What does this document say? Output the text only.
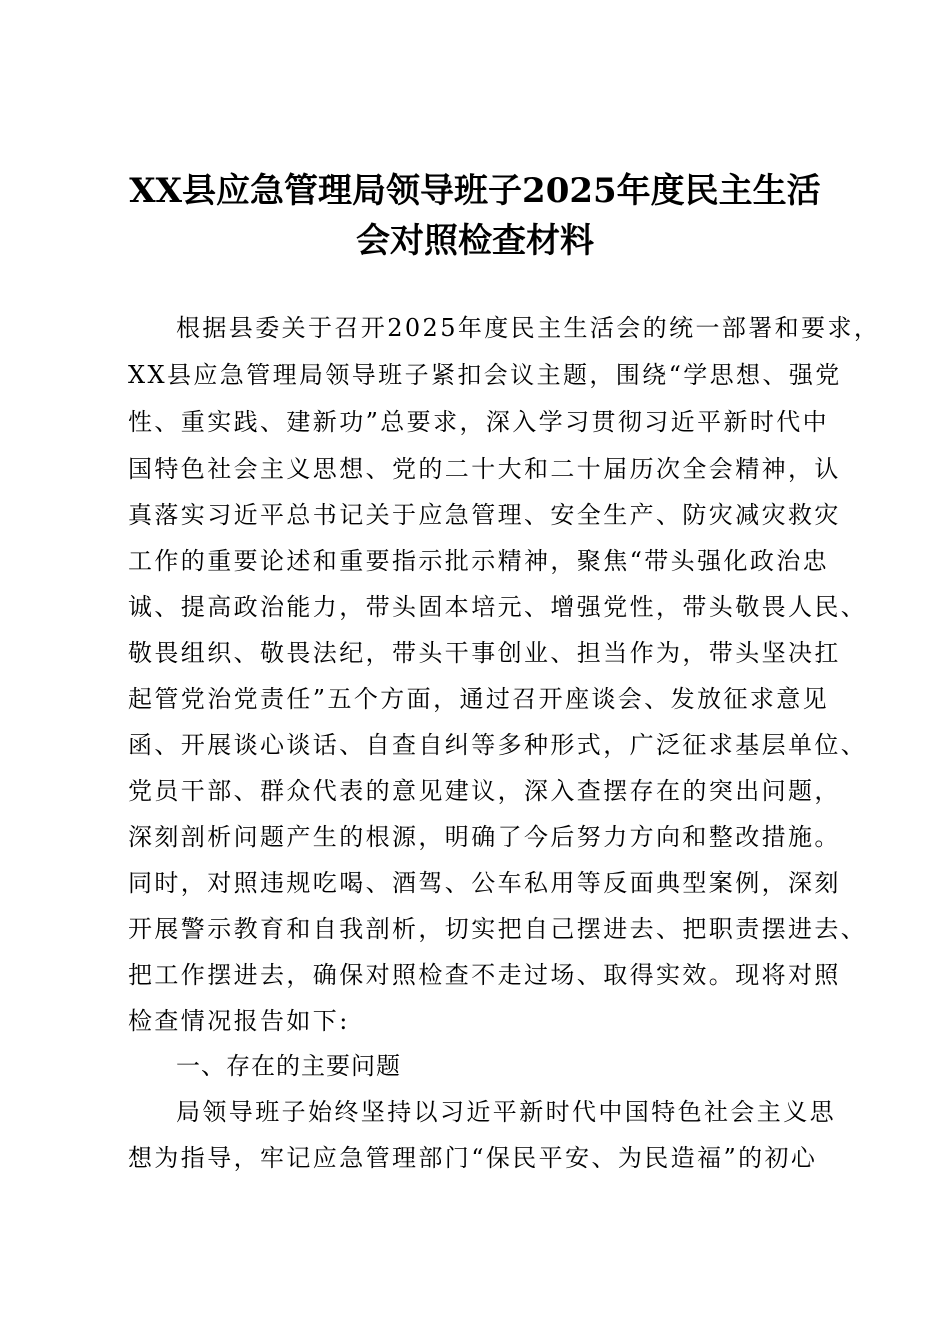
XX县应急管理局领导班子2025年度民主生活
会对照检查材料
根据县委关于召开2025年度民主生活会的统一部署和要求，
XX县应急管理局领导班子紧扣会议主题，围绕“学思想、强党
性、重实践、建新功”总要求，深入学习贯彻习近平新时代中
国特色社会主义思想、党的二十大和二十届历次全会精神，认
真落实习近平总书记关于应急管理、安全生产、防灾减灾救灾
工作的重要论述和重要指示批示精神，聚焦“带头强化政治忠
诚、提高政治能力，带头固本培元、增强党性，带头敬畏人民、
敬畏组织、敬畏法纪，带头干事创业、担当作为，带头坚决扛
起管党治党责任”五个方面，通过召开座谈会、发放征求意见
函、开展谈心谈话、自查自纠等多种形式，广泛征求基层单位、
党员干部、群众代表的意见建议，深入查摆存在的突出问题，
深刻剖析问题产生的根源，明确了今后努力方向和整改措施。
同时，对照违规吃喝、酒驾、公车私用等反面典型案例，深刻
开展警示教育和自我剖析，切实把自己摆进去、把职责摆进去、
把工作摆进去，确保对照检查不走过场、取得实效。现将对照
检查情况报告如下:
一、存在的主要问题
局领导班子始终坚持以习近平新时代中国特色社会主义思
想为指导，牢记应急管理部门“保民平安、为民造福”的初心
